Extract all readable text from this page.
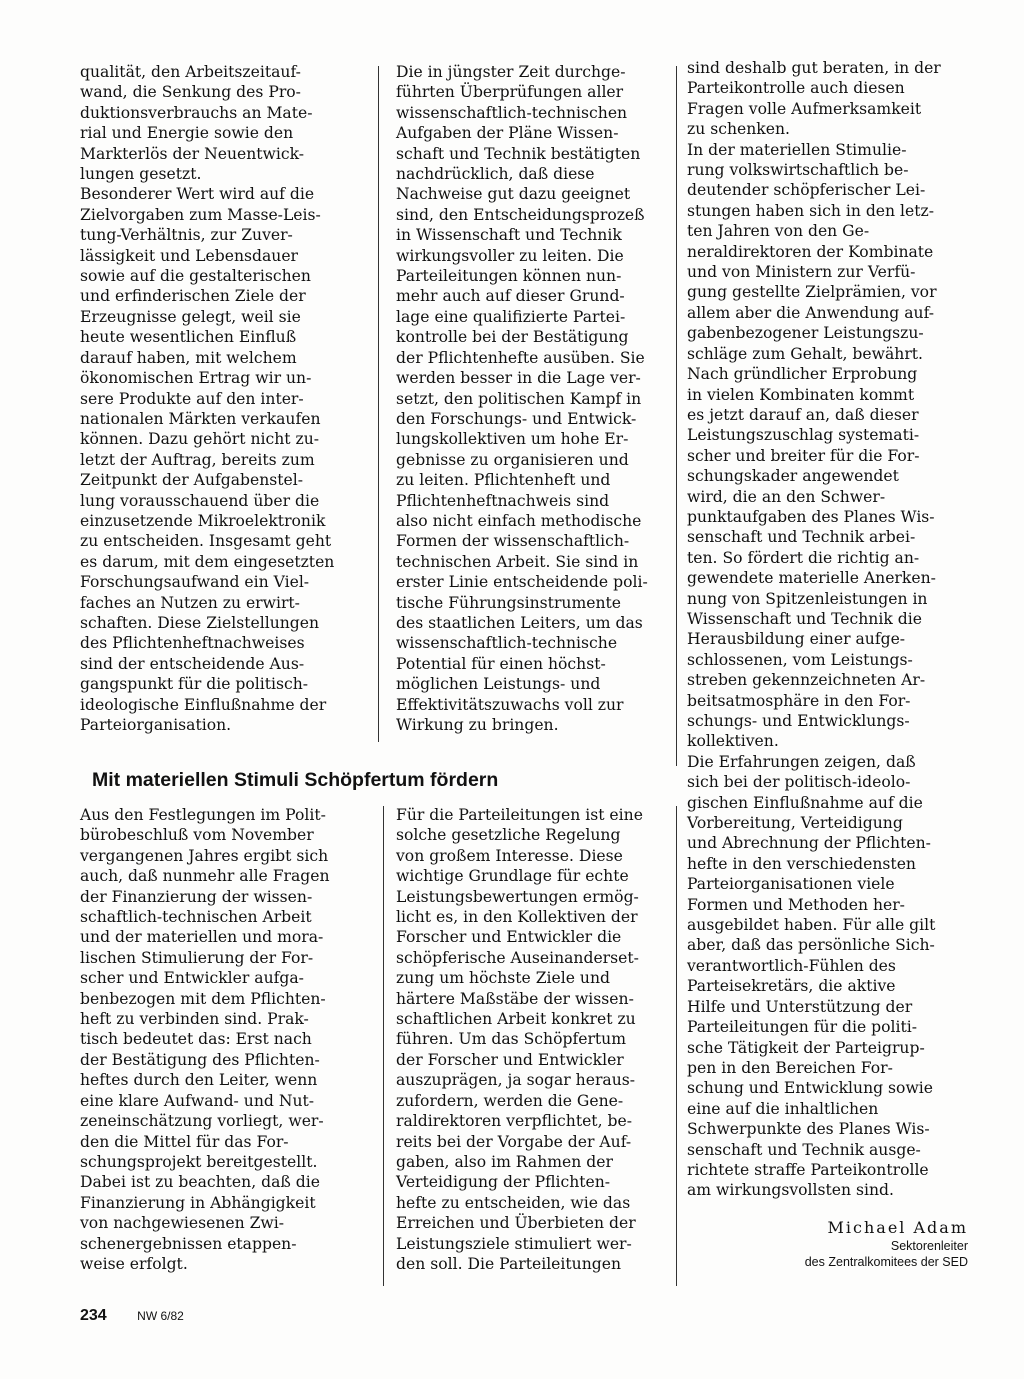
qualität, den Arbeitszeitauf-
wand, die Senkung des Pro-
duktionsverbrauchs an Mate-
rial und Energie sowie den
Markterlös der Neuentwick-
lungen gesetzt.
Besonderer Wert wird auf die
Zielvorgaben zum Masse-Leis-
tung-Verhältnis, zur Zuver-
lässigkeit und Lebensdauer
sowie auf die gestalterischen
und erfinderischen Ziele der
Erzeugnisse gelegt, weil sie
heute wesentlichen Einfluß
darauf haben, mit welchem
ökonomischen Ertrag wir un-
sere Produkte auf den inter-
nationalen Märkten verkaufen
können. Dazu gehört nicht zu-
letzt der Auftrag, bereits zum
Zeitpunkt der Aufgabenstel-
lung vorausschauend über die
einzusetzende Mikroelektronik
zu entscheiden. Insgesamt geht
es darum, mit dem eingesetzten
Forschungsaufwand ein Viel-
faches an Nutzen zu erwirt-
schaften. Diese Zielstellungen
des Pflichtenheftnachweises
sind der entscheidende Aus-
gangspunkt für die politisch-
ideologische Einflußnahme der
Parteiorganisation.
Die in jüngster Zeit durchge-
führten Überprüfungen aller
wissenschaftlich-technischen
Aufgaben der Pläne Wissen-
schaft und Technik bestätigten
nachdrücklich, daß diese
Nachweise gut dazu geeignet
sind, den Entscheidungsprozeß
in Wissenschaft und Technik
wirkungsvoller zu leiten. Die
Parteileitungen können nun-
mehr auch auf dieser Grund-
lage eine qualifizierte Partei-
kontrolle bei der Bestätigung
der Pflichtenhefte ausüben. Sie
werden besser in die Lage ver-
setzt, den politischen Kampf in
den Forschungs- und Entwick-
lungskollektiven um hohe Er-
gebnisse zu organisieren und
zu leiten. Pflichtenheft und
Pflichtenheftnachweis sind
also nicht einfach methodische
Formen der wissenschaftlich-
technischen Arbeit. Sie sind in
erster Linie entscheidende poli-
tische Führungsinstrumente
des staatlichen Leiters, um das
wissenschaftlich-technische
Potential für einen höchst-
möglichen Leistungs- und
Effektivitätszuwachs voll zur
Wirkung zu bringen.
sind deshalb gut beraten, in der
Parteikontrolle auch diesen
Fragen volle Aufmerksamkeit
zu schenken.
In der materiellen Stimulie-
rung volkswirtschaftlich be-
deutender schöpferischer Lei-
stungen haben sich in den letz-
ten Jahren von den Ge-
neraldirektoren der Kombinate
und von Ministern zur Verfü-
gung gestellte Zielprämien, vor
allem aber die Anwendung auf-
gabenbezogener Leistungszu-
schläge zum Gehalt, bewährt.
Nach gründlicher Erprobung
in vielen Kombinaten kommt
es jetzt darauf an, daß dieser
Leistungszuschlag systemati-
scher und breiter für die For-
schungskader angewendet
wird, die an den Schwer-
punktaufgaben des Planes Wis-
senschaft und Technik arbei-
ten. So fördert die richtig an-
gewendete materielle Anerken-
nung von Spitzenleistungen in
Wissenschaft und Technik die
Herausbildung einer aufge-
schlossenen, vom Leistungs-
streben gekennzeichneten Ar-
beitsatmosphäre in den For-
schungs- und Entwicklungs-
kollektiven.
Die Erfahrungen zeigen, daß
sich bei der politisch-ideolo-
gischen Einflußnahme auf die
Vorbereitung, Verteidigung
und Abrechnung der Pflichten-
hefte in den verschiedensten
Parteiorganisationen viele
Formen und Methoden her-
ausgebildet haben. Für alle gilt
aber, daß das persönliche Sich-
verantwortlich-Fühlen des
Parteisekretärs, die aktive
Hilfe und Unterstützung der
Parteileitungen für die politi-
sche Tätigkeit der Parteigrup-
pen in den Bereichen For-
schung und Entwicklung sowie
eine auf die inhaltlichen
Schwerpunkte des Planes Wis-
senschaft und Technik ausge-
richtete straffe Parteikontrolle
am wirkungsvollsten sind.
Mit materiellen Stimuli Schöpfertum fördern
Aus den Festlegungen im Polit-
bürobeschluß vom November
vergangenen Jahres ergibt sich
auch, daß nunmehr alle Fragen
der Finanzierung der wissen-
schaftlich-technischen Arbeit
und der materiellen und mora-
lischen Stimulierung der For-
scher und Entwickler aufga-
benbezogen mit dem Pflichten-
heft zu verbinden sind. Prak-
tisch bedeutet das: Erst nach
der Bestätigung des Pflichten-
heftes durch den Leiter, wenn
eine klare Aufwand- und Nut-
zeneinschätzung vorliegt, wer-
den die Mittel für das For-
schungsprojekt bereitgestellt.
Dabei ist zu beachten, daß die
Finanzierung in Abhängigkeit
von nachgewiesenen Zwi-
schenergebnissen etappen-
weise erfolgt.
Für die Parteileitungen ist eine
solche gesetzliche Regelung
von großem Interesse. Diese
wichtige Grundlage für echte
Leistungsbewertungen ermög-
licht es, in den Kollektiven der
Forscher und Entwickler die
schöpferische Auseinanderset-
zung um höchste Ziele und
härtere Maßstäbe der wissen-
schaftlichen Arbeit konkret zu
führen. Um das Schöpfertum
der Forscher und Entwickler
auszuprägen, ja sogar heraus-
zufordern, werden die Gene-
raldirektoren verpflichtet, be-
reits bei der Vorgabe der Auf-
gaben, also im Rahmen der
Verteidigung der Pflichten-
hefte zu entscheiden, wie das
Erreichen und Überbieten der
Leistungsziele stimuliert wer-
den soll. Die Parteileitungen
Michael Adam
Sektorenleiter
des Zentralkomitees der SED
234	NW 6/82
